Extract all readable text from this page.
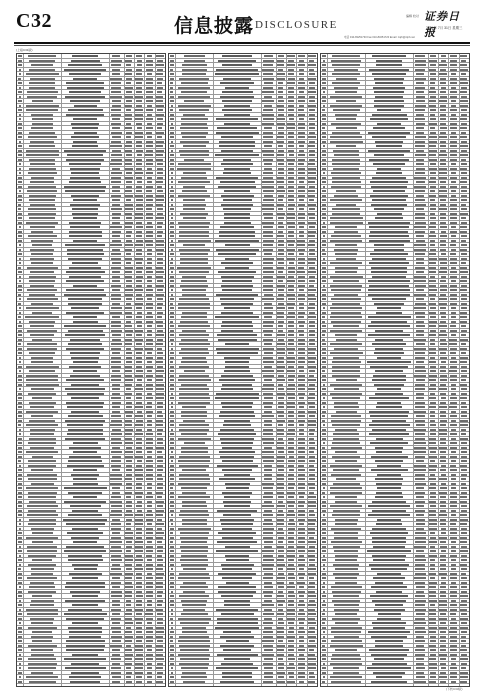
C32	信息披露 DISCLOSURE
编辑 校对 证券日报
2024年 7月 31日 星期三
电话 010-83251730 Fax 010-83251720 Email: zqrb@zqrb.net
(上接C31版)
(下转C33版)
